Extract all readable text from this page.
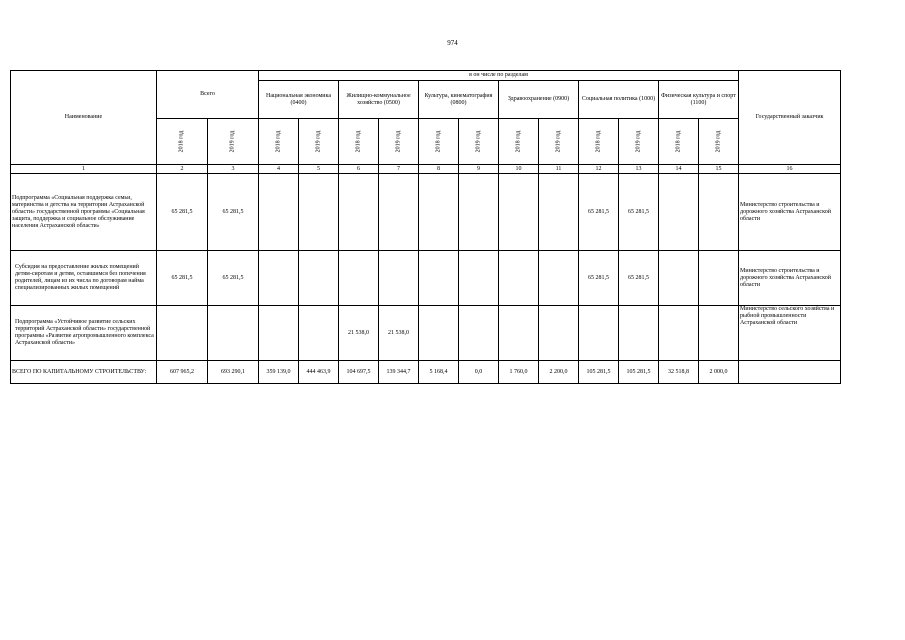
974
Наименование	Всего		в он числе по разделам												Государственный заказчик
			Национальная экономика (0400)		Жилищно-коммунальное хозяйство (0500)		Культура, кинематография (0800)		Здравоохранение (0900)		Социальная политика (1000)		Физическая культура и спорт (1100)		
	2018 год	2019 год	2018 год	2019 год	2018 год	2019 год	2018 год	2019 год	2018 год	2019 год	2018 год	2019 год	2018 год	2019 год	
1	2	3	4	5	6	7	8	9	10	11	12	13	14	15	16
Подпрограмма «Социальная поддержка семьи, материнства и детства на территории Астраханской области» государственной программы «Социальная защита, поддержка и социальное обслуживание населения Астраханской области»	65 281,5	65 281,5									65 281,5	65 281,5			Министерство строительства и дорожного хозяйства Астраханской области
Субсидия на предоставление жилых помещений детям-сиротам и детям, оставшимся без попечения родителей, лицам из их числа по договорам найма специализированных жилых помещений	65 281,5	65 281,5									65 281,5	65 281,5			Министерство строительства и дорожного хозяйства Астраханской области
Подпрограмма «Устойчивое развитие сельских территорий Астраханской области» государственной программы «Развитие агропромышленного комплекса Астраханской области»					21 538,0	21 538,0									Министерство сельского хозяйства и рыбной промышленности Астраханской области
ВСЕГО ПО КАПИТАЛЬНОМУ СТРОИТЕЛЬСТВУ:	607 965,2	693 290,1	359 139,0	444 463,9	104 697,5	139 344,7	5 168,4	0,0	1 760,0	2 200,0	105 281,5	105 281,5	32 518,8	2 000,0	
